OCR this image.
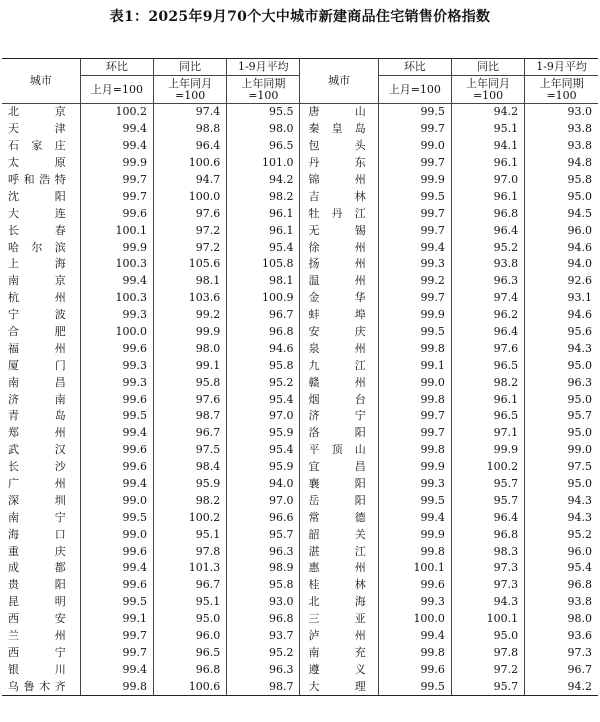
表1：2025年9月70个大中城市新建商品住宅销售价格指数
城市	环比	同比	1-9月平均	城市	环比	同比	1-9月平均
	上月=100	上年同月=100	上年同期=100		上月=100	上年同月=100	上年同期=100
北京	100.2	97.4	95.5	唐山	99.5	94.2	93.0
天津	99.4	98.8	98.0	秦皇岛	99.7	95.1	93.8
石家庄	99.4	96.4	96.5	包头	99.0	94.1	93.8
太原	99.9	100.6	101.0	丹东	99.7	96.1	94.8
呼和浩特	99.7	94.7	94.2	锦州	99.9	97.0	95.8
沈阳	99.7	100.0	98.2	吉林	99.5	96.1	95.0
大连	99.6	97.6	96.1	牡丹江	99.7	96.8	94.5
长春	100.1	97.2	96.1	无锡	99.7	96.4	96.0
哈尔滨	99.9	97.2	95.4	徐州	99.4	95.2	94.6
上海	100.3	105.6	105.8	扬州	99.3	93.8	94.0
南京	99.4	98.1	98.1	温州	99.2	96.3	92.6
杭州	100.3	103.6	100.9	金华	99.7	97.4	93.1
宁波	99.3	99.2	96.7	蚌埠	99.9	96.2	94.6
合肥	100.0	99.9	96.8	安庆	99.5	96.4	95.6
福州	99.6	98.0	94.6	泉州	99.8	97.6	94.3
厦门	99.3	99.1	95.8	九江	99.1	96.5	95.0
南昌	99.3	95.8	95.2	赣州	99.0	98.2	96.3
济南	99.6	97.6	95.4	烟台	99.8	96.1	95.0
青岛	99.5	98.7	97.0	济宁	99.7	96.5	95.7
郑州	99.4	96.7	95.9	洛阳	99.7	97.1	95.0
武汉	99.6	97.5	95.4	平顶山	99.8	99.9	99.0
长沙	99.6	98.4	95.9	宜昌	99.9	100.2	97.5
广州	99.4	95.9	94.0	襄阳	99.3	95.7	95.0
深圳	99.0	98.2	97.0	岳阳	99.5	95.7	94.3
南宁	99.5	100.2	96.6	常德	99.4	96.4	94.3
海口	99.0	95.1	95.7	韶关	99.9	96.8	95.2
重庆	99.6	97.8	96.3	湛江	99.8	98.3	96.0
成都	99.4	101.3	98.9	惠州	100.1	97.3	95.4
贵阳	99.6	96.7	95.8	桂林	99.6	97.3	96.8
昆明	99.5	95.1	93.0	北海	99.3	94.3	93.8
西安	99.1	95.0	96.8	三亚	100.0	100.1	98.0
兰州	99.7	96.0	93.7	泸州	99.4	95.0	93.6
西宁	99.7	96.5	95.2	南充	99.8	97.8	97.3
银川	99.4	96.8	96.3	遵义	99.6	97.2	96.7
乌鲁木齐	99.8	100.6	98.7	大理	99.5	95.7	94.2
